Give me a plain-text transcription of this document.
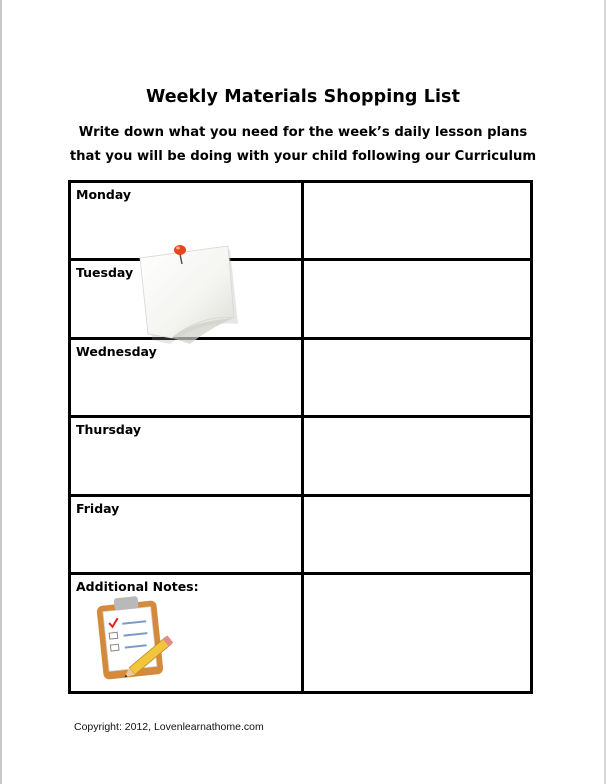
Weekly Materials Shopping List
Write down what you need for the week’s daily lesson plans
that you will be doing with your child following our Curriculum
Monday	

Tuesday	

Wednesday	

Thursday	

Friday	

Additional Notes:	

Copyright: 2012, Lovenlearnathome.com
